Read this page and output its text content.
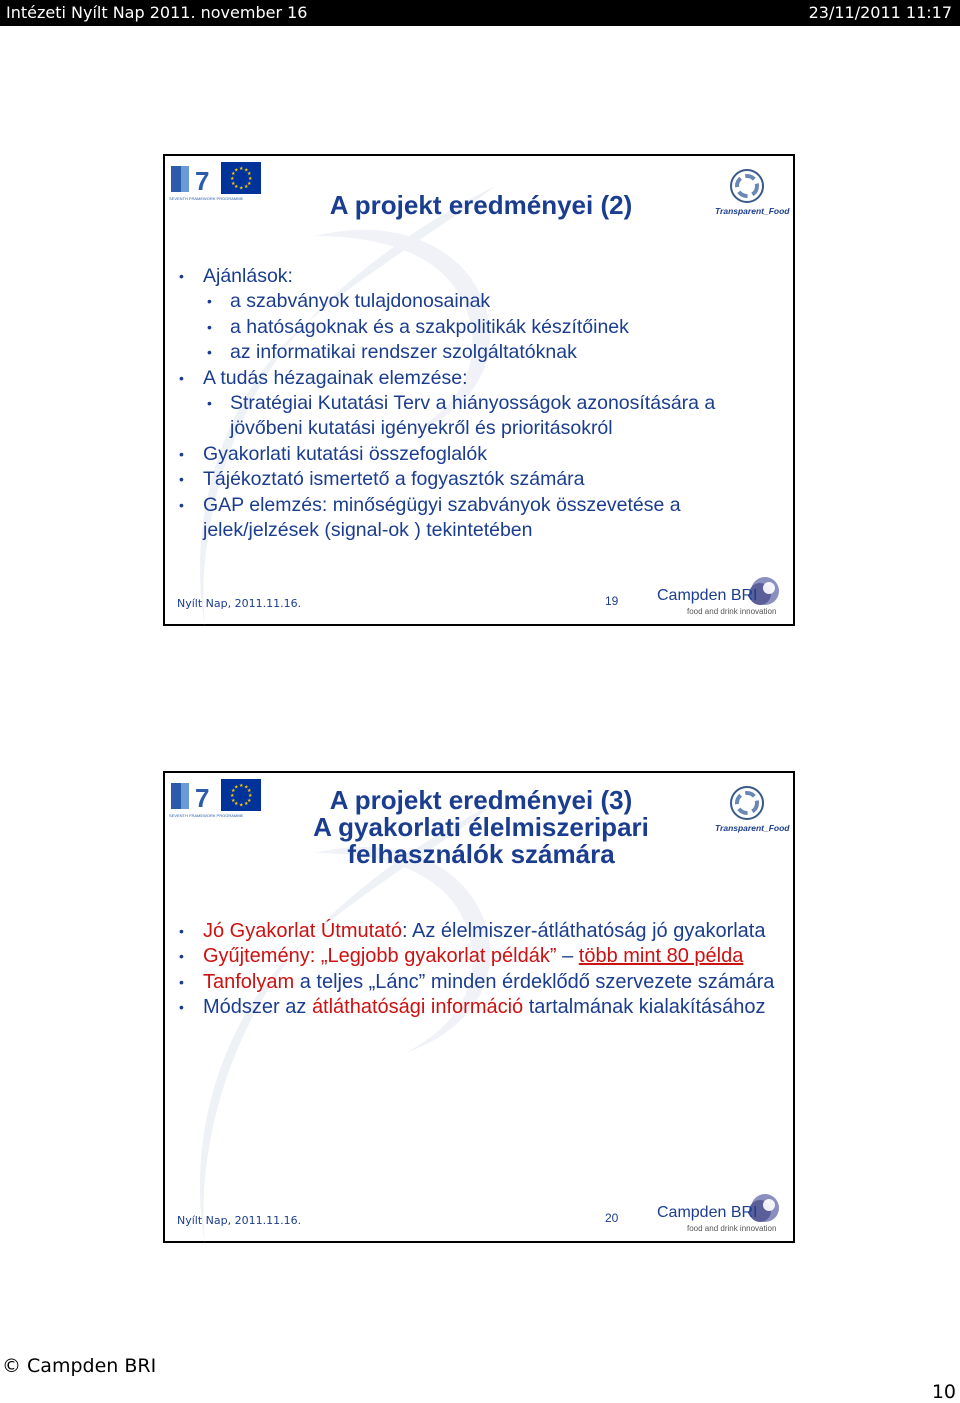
Intézeti Nyílt Nap 2011. november 16	23/11/2011 11:17
7
SEVENTH FRAMEWORK PROGRAMME
★ ★
★
★
★
★
★
★
★
★
★
★
Transparent_Food
A projekt eredményei (2)
• Ajánlások:
• a szabványok tulajdonosainak
• a hatóságoknak és a szakpolitikák készítőinek
• az informatikai rendszer szolgáltatóknak
• A tudás hézagainak elemzése:
• Stratégiai Kutatási Terv a hiányosságok azonosítására a jövőbeni kutatási igényekről és prioritásokról
• Gyakorlati kutatási összefoglalók
• Tájékoztató ismertető a fogyasztók számára
• GAP elemzés: minőségügyi szabványok összevetése a jelek/jelzések (signal-ok ) tekintetében
Nyílt Nap, 2011.11.16.	19 Campden BRI
food and drink innovation
7
SEVENTH FRAMEWORK PROGRAMME
★ ★
★
★
★
★
★
★
★
★
★
★
Transparent_Food
A projekt eredményei (3)
A gyakorlati élelmiszeripari
felhasználók számára
• Jó Gyakorlat Útmutató: Az élelmiszer-átláthatóság jó gyakorlata
• Gyűjtemény: „Legjobb gyakorlat példák” – több mint 80 példa
• Tanfolyam a teljes „Lánc” minden érdeklődő szervezete számára
• Módszer az átláthatósági információ tartalmának kialakításához
Nyílt Nap, 2011.11.16.	20 Campden BRI
food and drink innovation
© Campden BRI
10
